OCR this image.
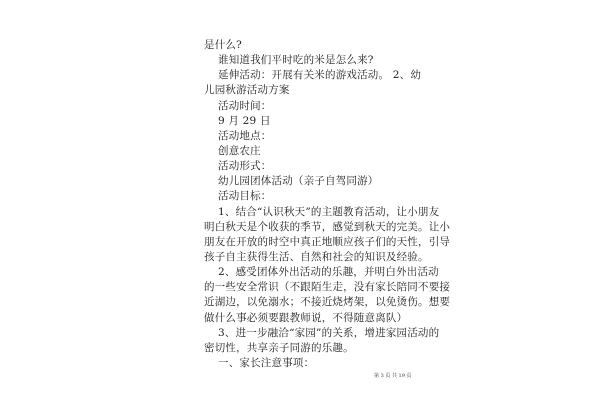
是什么?
谁知道我们平时吃的米是怎么来?
延伸活动：开展有关米的游戏活动。 2、幼
儿园秋游活动方案
活动时间：
9 月 29 日
活动地点：
创意农庄
活动形式：
幼儿园团体活动（亲子自驾同游）
活动目标：
1、结合“认识秋天”的主题教育活动，让小朋友
明白秋天是个收获的季节，感觉到秋天的完美。让小
朋友在开放的时空中真正地顺应孩子们的天性，引导
孩子自主获得生活、自然和社会的知识及经验。
2、感受团体外出活动的乐趣，并明白外出活动
的一些安全常识（不跟陌生走，没有家长陪同不要接
近湖边，以免溺水；不接近烧烤架，以免烫伤。想要
做什么事必须要跟教师说，不得随意离队）
3、进一步融洽“家园”的关系，增进家园活动的
密切性，共享亲子同游的乐趣。
一、家长注意事项：
第 3 页 共 19 页
